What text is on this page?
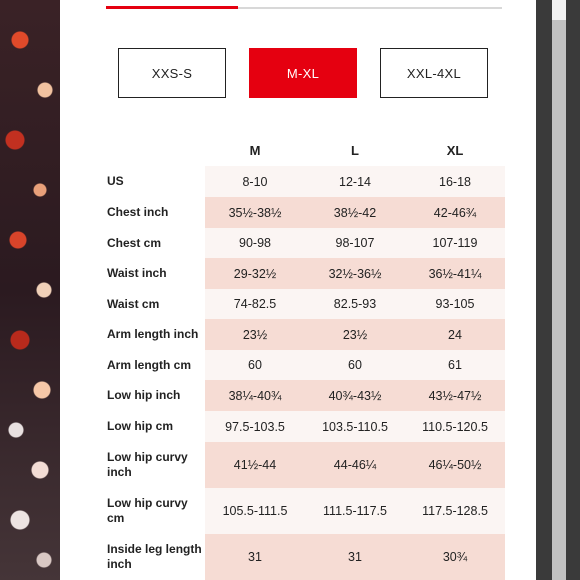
XXS-S	M-XL	XXL-4XL
M	L	XL
US	8-10	12-14	16-18
Chest inch	35½-38½	38½-42	42-46¾
Chest cm	90-98	98-107	107-119
Waist inch	29-32½	32½-36½	36½-41¼
Waist cm	74-82.5	82.5-93	93-105
Arm length inch	23½	23½	24
Arm length cm	60	60	61
Low hip inch	38¼-40¾	40¾-43½	43½-47½
Low hip cm	97.5-103.5	103.5-110.5	110.5-120.5
Low hip curvy inch	41½-44	44-46¼	46¼-50½
Low hip curvy cm	105.5-111.5	111.5-117.5	117.5-128.5
Inside leg length inch	31	31	30¾
